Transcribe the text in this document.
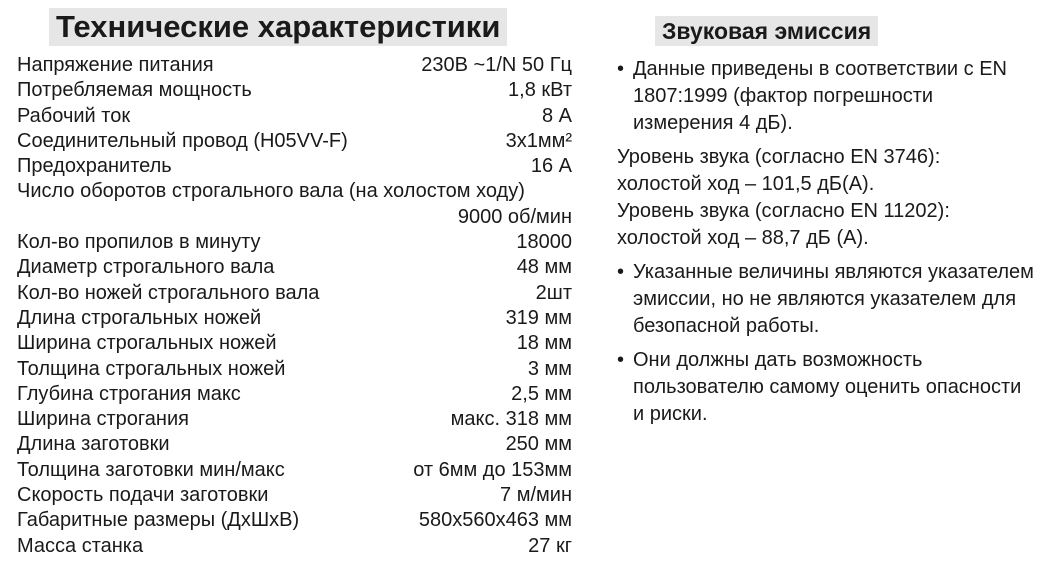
Технические характеристики
Напряжение питания	230В ~1/N 50 Гц
Потребляемая мощность	1,8 кВт
Рабочий ток	8 А
Соединительный провод (H05VV-F)	3x1мм²
Предохранитель	16 А
Число оборотов строгального вала (на холостом ходу)
9000 об/мин
Кол-во пропилов в минуту	18000
Диаметр строгального вала	48 мм
Кол-во ножей строгального вала	2шт
Длина строгальных ножей	319 мм
Ширина строгальных ножей	18 мм
Толщина строгальных ножей	3 мм
Глубина строгания макс	2,5 мм
Ширина строгания	макс. 318 мм
Длина заготовки	250 мм
Толщина заготовки мин/макс	от 6мм до 153мм
Скорость подачи заготовки	7 м/мин
Габаритные размеры (ДхШхВ)	580x560x463 мм
Масса станка	27 кг
Звуковая эмиссия

• Данные приведены в соответствии с EN 1807:1999 (фактор погрешности измерения 4 дБ).

Уровень звука (согласно EN 3746):
холостой ход – 101,5 дБ(А).
Уровень звука (согласно EN 11202):
холостой ход – 88,7 дБ (А).

• Указанные величины являются указателем эмиссии, но не являются указателем для безопасной работы.

• Они должны дать возможность пользователю самому оценить опасности и риски.
